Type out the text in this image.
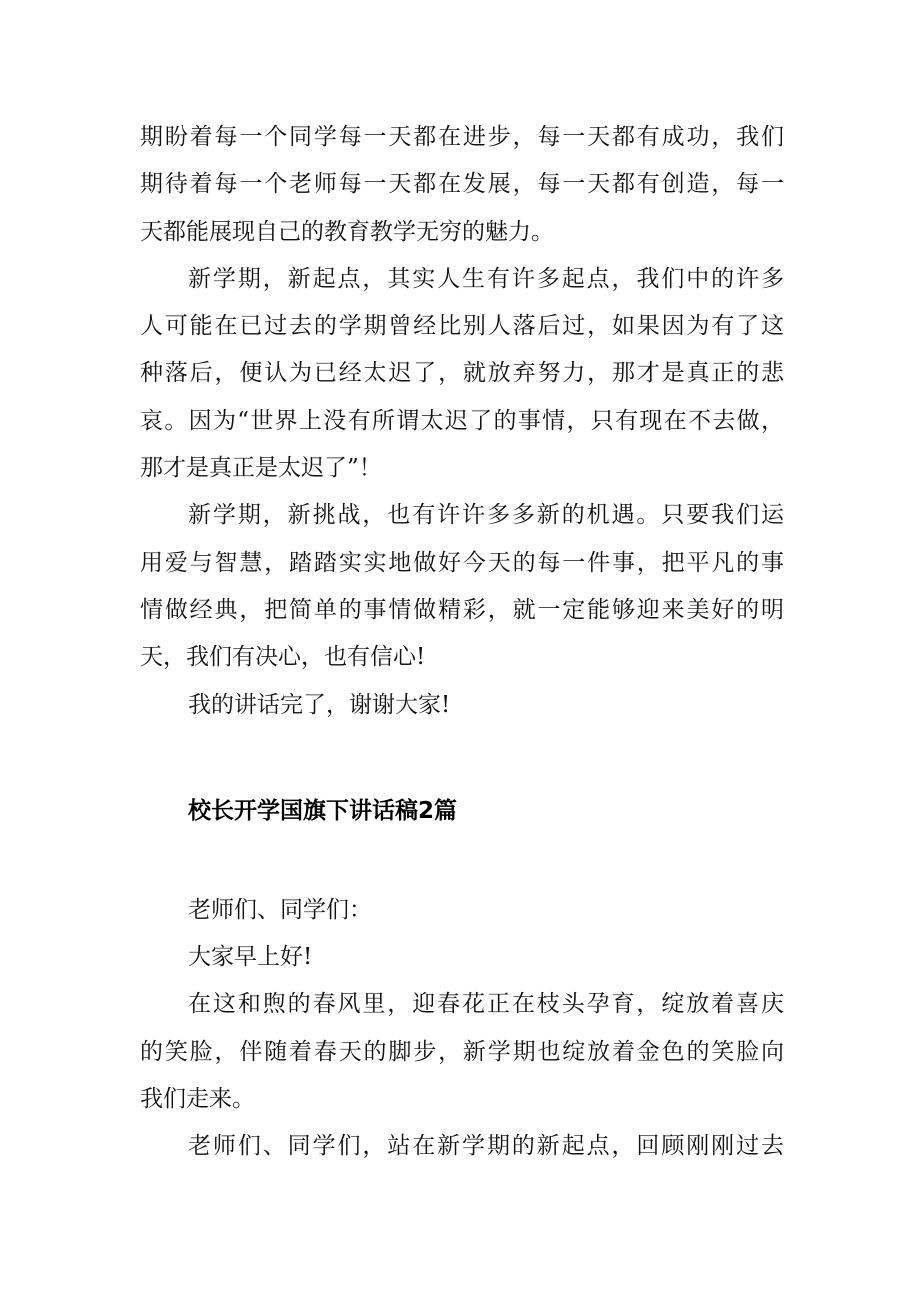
期盼着每一个同学每一天都在进步，每一天都有成功，我们
期待着每一个老师每一天都在发展，每一天都有创造，每一
天都能展现自己的教育教学无穷的魅力。
新学期，新起点，其实人生有许多起点，我们中的许多
人可能在已过去的学期曾经比别人落后过，如果因为有了这
种落后，便认为已经太迟了，就放弃努力，那才是真正的悲
哀。因为“世界上没有所谓太迟了的事情，只有现在不去做，
那才是真正是太迟了”！
新学期，新挑战，也有许许多多新的机遇。只要我们运
用爱与智慧，踏踏实实地做好今天的每一件事，把平凡的事
情做经典，把简单的事情做精彩，就一定能够迎来美好的明
天，我们有决心，也有信心!
我的讲话完了，谢谢大家!
校长开学国旗下讲话稿2篇
老师们、同学们：
大家早上好!
在这和煦的春风里，迎春花正在枝头孕育，绽放着喜庆
的笑脸，伴随着春天的脚步，新学期也绽放着金色的笑脸向
我们走来。
老师们、同学们，站在新学期的新起点，回顾刚刚过去
